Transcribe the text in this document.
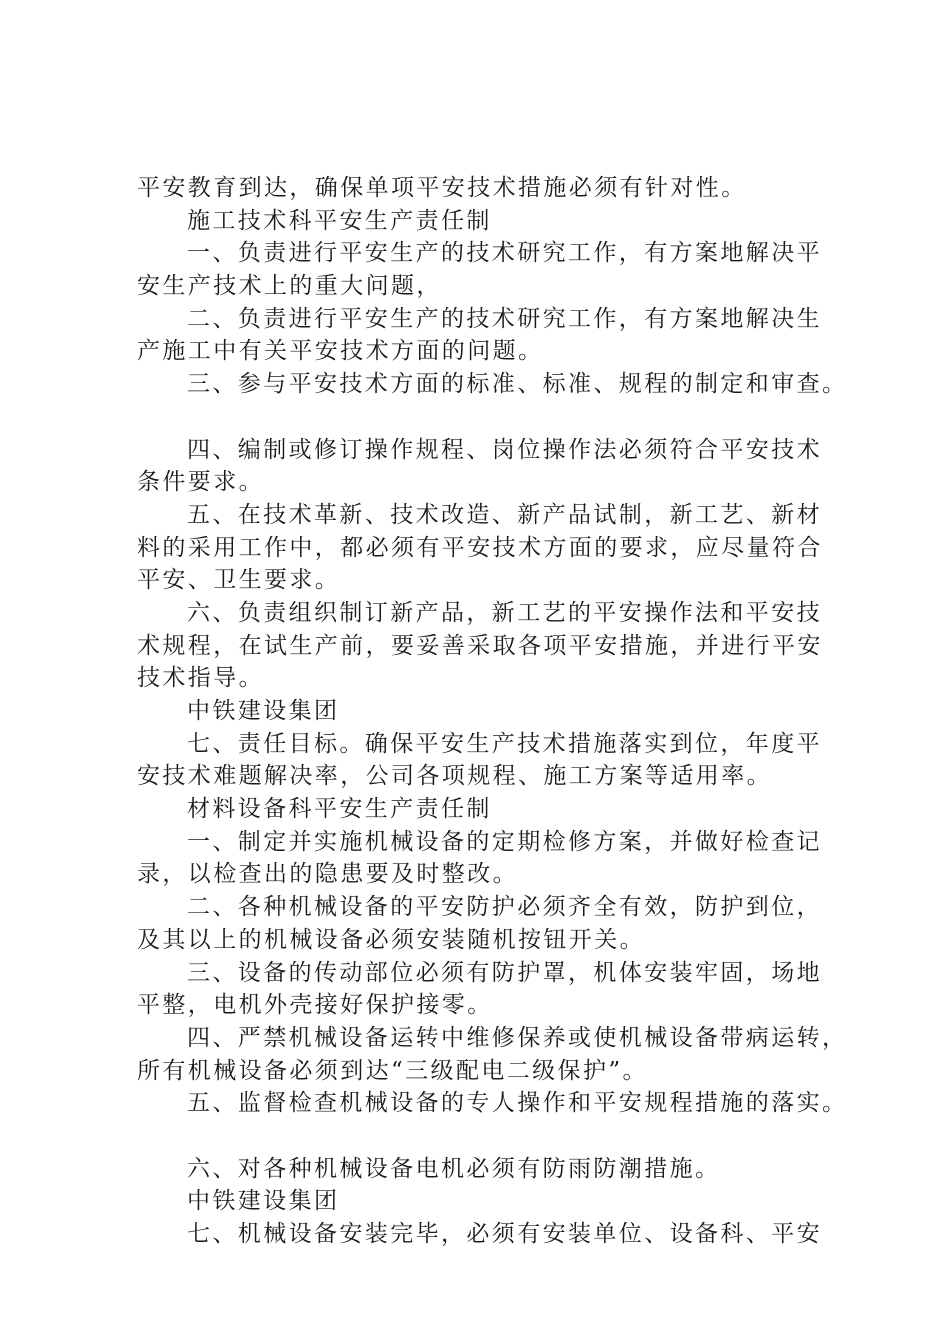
平安教育到达，确保单项平安技术措施必须有针对性。
施工技术科平安生产责任制
一、负责进行平安生产的技术研究工作，有方案地解决平
安生产技术上的重大问题，
二、负责进行平安生产的技术研究工作，有方案地解决生
产施工中有关平安技术方面的问题。
三、参与平安技术方面的标准、标准、规程的制定和审查。
四、编制或修订操作规程、岗位操作法必须符合平安技术
条件要求。
五、在技术革新、技术改造、新产品试制，新工艺、新材
料的采用工作中，都必须有平安技术方面的要求，应尽量符合
平安、卫生要求。
六、负责组织制订新产品，新工艺的平安操作法和平安技
术规程，在试生产前，要妥善采取各项平安措施，并进行平安
技术指导。
中铁建设集团
七、责任目标。确保平安生产技术措施落实到位，年度平
安技术难题解决率，公司各项规程、施工方案等适用率。
材料设备科平安生产责任制
一、制定并实施机械设备的定期检修方案，并做好检查记
录，以检查出的隐患要及时整改。
二、各种机械设备的平安防护必须齐全有效，防护到位，
及其以上的机械设备必须安装随机按钮开关。
三、设备的传动部位必须有防护罩，机体安装牢固，场地
平整，电机外壳接好保护接零。
四、严禁机械设备运转中维修保养或使机械设备带病运转，
所有机械设备必须到达“三级配电二级保护”。
五、监督检查机械设备的专人操作和平安规程措施的落实。
六、对各种机械设备电机必须有防雨防潮措施。
中铁建设集团
七、机械设备安装完毕，必须有安装单位、设备科、平安
